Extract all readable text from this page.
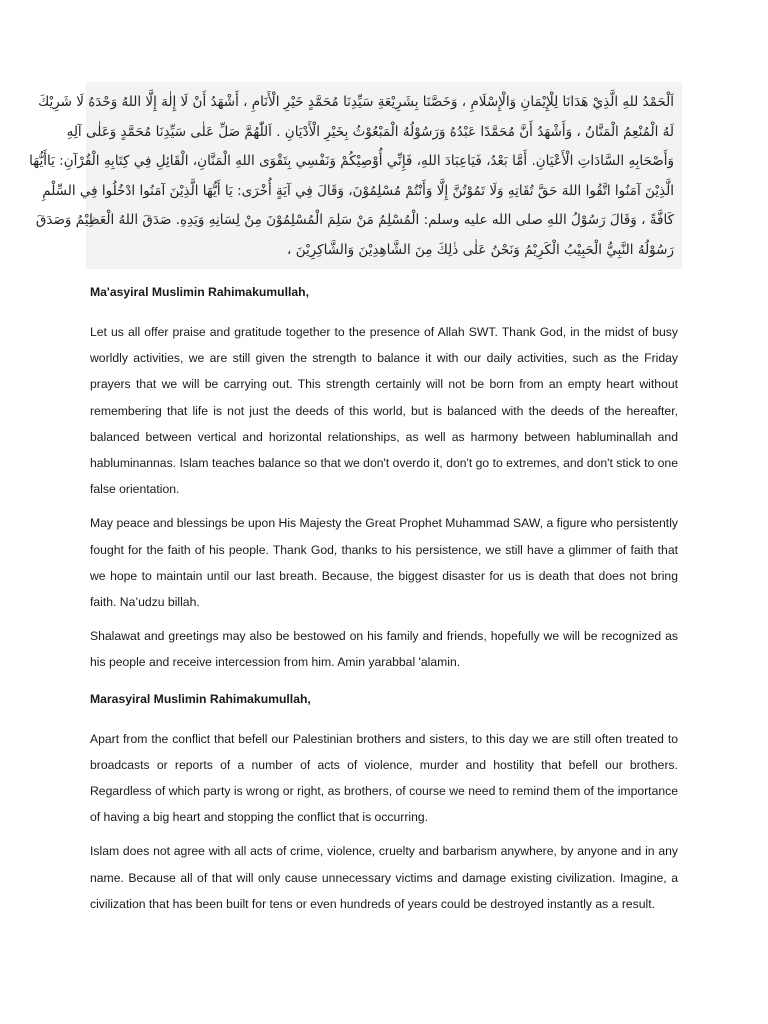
اَلْحَمْدُ للهِ الَّذِيْ هَدَانَا لِلْإِيْمَانِ وَالْإِسْلَامِ ، وَخَصَّنَا بِشَرِيْعَةِ سَيِّدِنَا مُحَمَّدٍ خَيْرِ الْأَنَامِ ، أَشْهَدُ أَنْ لَا إِلٰهَ إِلَّا اللهُ وَحْدَهُ لَا شَرِيْكَ
لَهُ الْمُنْعِمُ الْمَنَّانُ ، وَأَشْهَدُ أَنَّ مُحَمَّدًا عَبْدُهُ وَرَسُوْلُهُ الْمَبْعُوْثُ بِخَيْرِ الْأَدْيَانِ . اَللّٰهُمَّ صَلِّ عَلٰى سَيِّدِنَا مُحَمَّدٍ وَعَلٰى آلِهِ
وَأَصْحَابِهِ السَّادَاتِ الْأَعْيَانِ. أَمَّا بَعْدُ، فَيَاعِبَادَ اللهِ، فَإِنِّي أُوْصِيْكُمْ وَنَفْسِي بِتَقْوَى اللهِ الْمَنَّانِ، الْقَائِلِ فِي كِتَابِهِ الْقُرْآنِ: يَاأَيُّهَا
الَّذِيْنَ آمَنُوا اتَّقُوا اللهَ حَقَّ تُقَاتِهِ وَلَا تَمُوْتُنَّ إِلَّا وَأَنْتُمْ مُسْلِمُوْنَ، وَقَالَ فِي آيَةٍ أُخْرَى: يَا أَيُّهَا الَّذِيْنَ آمَنُوا ادْخُلُوا فِي السِّلْمِ
كَافَّةً ، وَقَالَ رَسُوْلُ اللهِ صلى الله عليه وسلم: الْمُسْلِمُ مَنْ سَلِمَ الْمُسْلِمُوْنَ مِنْ لِسَانِهِ وَيَدِهِ. صَدَقَ اللهُ الْعَظِيْمُ وَصَدَقَ
رَسُوْلُهُ النَّبِيُّ الْحَبِيْبُ الْكَرِيْمُ وَنَحْنُ عَلٰى ذٰلِكَ مِنَ الشَّاهِدِيْنَ وَالشَّاكِرِيْنَ ،
Ma'asyiral Muslimin Rahimakumullah,

Let us all offer praise and gratitude together to the presence of Allah SWT. Thank God, in the midst of busy worldly activities, we are still given the strength to balance it with our daily activities, such as the Friday prayers that we will be carrying out. This strength certainly will not be born from an empty heart without remembering that life is not just the deeds of this world, but is balanced with the deeds of the hereafter, balanced between vertical and horizontal relationships, as well as harmony between habluminallah and habluminannas. Islam teaches balance so that we don't overdo it, don't go to extremes, and don't stick to one false orientation.

May peace and blessings be upon His Majesty the Great Prophet Muhammad SAW, a figure who persistently fought for the faith of his people. Thank God, thanks to his persistence, we still have a glimmer of faith that we hope to maintain until our last breath. Because, the biggest disaster for us is death that does not bring faith. Na’udzu billah.

Shalawat and greetings may also be bestowed on his family and friends, hopefully we will be recognized as his people and receive intercession from him. Amin yarabbal 'alamin.

Marasyiral Muslimin Rahimakumullah,

Apart from the conflict that befell our Palestinian brothers and sisters, to this day we are still often treated to broadcasts or reports of a number of acts of violence, murder and hostility that befell our brothers. Regardless of which party is wrong or right, as brothers, of course we need to remind them of the importance of having a big heart and stopping the conflict that is occurring.

Islam does not agree with all acts of crime, violence, cruelty and barbarism anywhere, by anyone and in any name. Because all of that will only cause unnecessary victims and damage existing civilization. Imagine, a civilization that has been built for tens or even hundreds of years could be destroyed instantly as a result.
